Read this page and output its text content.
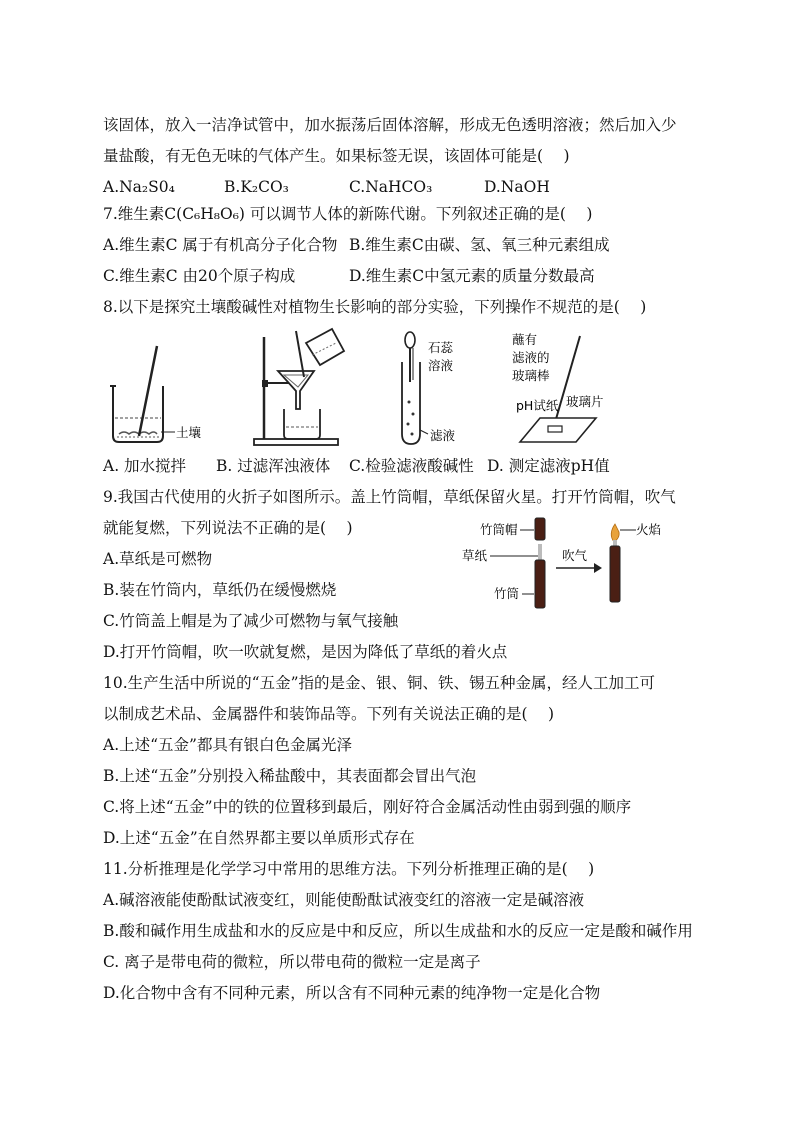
该固体，放入一洁净试管中，加水振荡后固体溶解，形成无色透明溶液；然后加入少
量盐酸，有无色无味的气体产生。如果标签无误，该固体可能是(　 )
A.Na₂S0₄	B.K₂CO₃	C.NaHCO₃	D.NaOH
7.维生素C(C₆H₈O₆) 可以调节人体的新陈代谢。下列叙述正确的是(　 )
A.维生素C 属于有机高分子化合物 B.维生素C由碳、氢、氧三种元素组成
C.维生素C 由20个原子构成	D.维生素C中氢元素的质量分数最高
8.以下是探究土壤酸碱性对植物生长影响的部分实验，下列操作不规范的是(　 )
土壤
石蕊
溶液
滤液
蘸有
滤液的
玻璃棒
pH试纸 玻璃片
A. 加水搅拌 B. 过滤浑浊液体 C.检验滤液酸碱性 D. 测定滤液pH值
9.我国古代使用的火折子如图所示。盖上竹筒帽，草纸保留火星。打开竹筒帽，吹气
就能复燃，下列说法不正确的是(　 )	竹筒帽
草纸
竹筒
吹气
火焰
A.草纸是可燃物
B.装在竹筒内，草纸仍在缓慢燃烧
C.竹筒盖上帽是为了减少可燃物与氧气接触
D.打开竹筒帽，吹一吹就复燃，是因为降低了草纸的着火点
10.生产生活中所说的“五金”指的是金、银、铜、铁、锡五种金属，经人工加工可
以制成艺术品、金属器件和装饰品等。下列有关说法正确的是(　 )
A.上述“五金”都具有银白色金属光泽
B.上述“五金”分别投入稀盐酸中，其表面都会冒出气泡
C.将上述“五金”中的铁的位置移到最后，刚好符合金属活动性由弱到强的顺序
D.上述“五金”在自然界都主要以单质形式存在
11.分析推理是化学学习中常用的思维方法。下列分析推理正确的是(　 )
A.碱溶液能使酚酞试液变红，则能使酚酞试液变红的溶液一定是碱溶液
B.酸和碱作用生成盐和水的反应是中和反应，所以生成盐和水的反应一定是酸和碱作用
C. 离子是带电荷的微粒，所以带电荷的微粒一定是离子
D.化合物中含有不同种元素，所以含有不同种元素的纯净物一定是化合物
